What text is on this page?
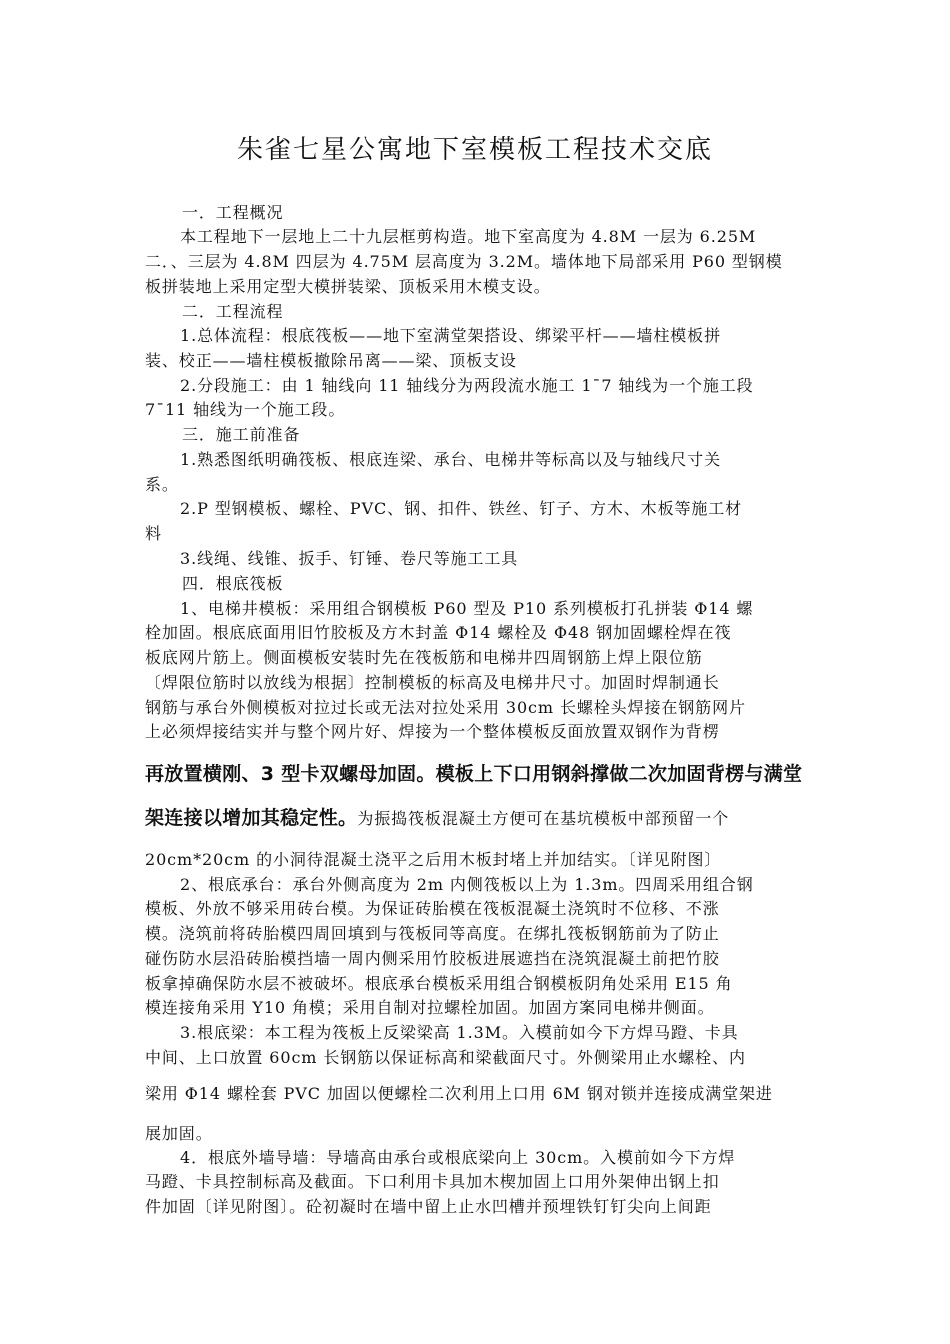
朱雀七星公寓地下室模板工程技术交底
一．工程概况
本工程地下一层地上二十九层框剪构造。地下室高度为 4.8M 一层为 6.25M
二．、三层为 4.8M 四层为 4.75M 层高度为 3.2M。墙体地下局部采用 P60 型钢模
板拼装地上采用定型大模拼装梁、顶板采用木模支设。
二．工程流程
1.总体流程：根底筏板——地下室满堂架搭设、绑梁平杆——墙柱模板拼
装、校正——墙柱模板撤除吊离——梁、顶板支设
2.分段施工：由 1 轴线向 11 轴线分为两段流水施工 1¯7 轴线为一个施工段
7¯11 轴线为一个施工段。
三．施工前准备
1.熟悉图纸明确筏板、根底连梁、承台、电梯井等标高以及与轴线尺寸关
系。
2.P 型钢模板、螺栓、PVC、钢、扣件、铁丝、钉子、方木、木板等施工材
料
3.线绳、线锥、扳手、钉锤、卷尺等施工工具
四．根底筏板
1、电梯井模板：采用组合钢模板 P60 型及 P10 系列模板打孔拼装 Φ14 螺
栓加固。根底底面用旧竹胶板及方木封盖 Φ14 螺栓及 Φ48 钢加固螺栓焊在筏
板底网片筋上。侧面模板安装时先在筏板筋和电梯井四周钢筋上焊上限位筋
〔焊限位筋时以放线为根据〕控制模板的标高及电梯井尺寸。加固时焊制通长
钢筋与承台外侧模板对拉过长或无法对拉处采用 30cm 长螺栓头焊接在钢筋网片
上必须焊接结实并与整个网片好、焊接为一个整体模板反面放置双钢作为背楞
再放置横刚、3 型卡双螺母加固。模板上下口用钢斜撑做二次加固背楞与满堂
架连接以增加其稳定性。为振捣筏板混凝土方便可在基坑模板中部预留一个
20cm*20cm 的小洞待混凝土浇平之后用木板封堵上并加结实。〔详见附图〕
2、根底承台：承台外侧高度为 2m 内侧筏板以上为 1.3m。四周采用组合钢
模板、外放不够采用砖台模。为保证砖胎模在筏板混凝土浇筑时不位移、不涨
模。浇筑前将砖胎模四周回填到与筏板同等高度。在绑扎筏板钢筋前为了防止
碰伤防水层沿砖胎模挡墙一周内侧采用竹胶板进展遮挡在浇筑混凝土前把竹胶
板拿掉确保防水层不被破坏。根底承台模板采用组合钢模板阴角处采用 E15 角
模连接角采用 Y10 角模；采用自制对拉螺栓加固。加固方案同电梯井侧面。
3.根底梁：本工程为筏板上反梁梁高 1.3M。入模前如今下方焊马蹬、卡具
中间、上口放置 60cm 长钢筋以保证标高和梁截面尺寸。外侧梁用止水螺栓、内
梁用 Φ14 螺栓套 PVC 加固以便螺栓二次利用上口用 6M 钢对锁并连接成满堂架进
展加固。
4．根底外墙导墙：导墙高由承台或根底梁向上 30cm。入模前如今下方焊
马蹬、卡具控制标高及截面。下口利用卡具加木楔加固上口用外架伸出钢上扣
件加固〔详见附图〕。砼初凝时在墙中留上止水凹槽并预埋铁钉钉尖向上间距
